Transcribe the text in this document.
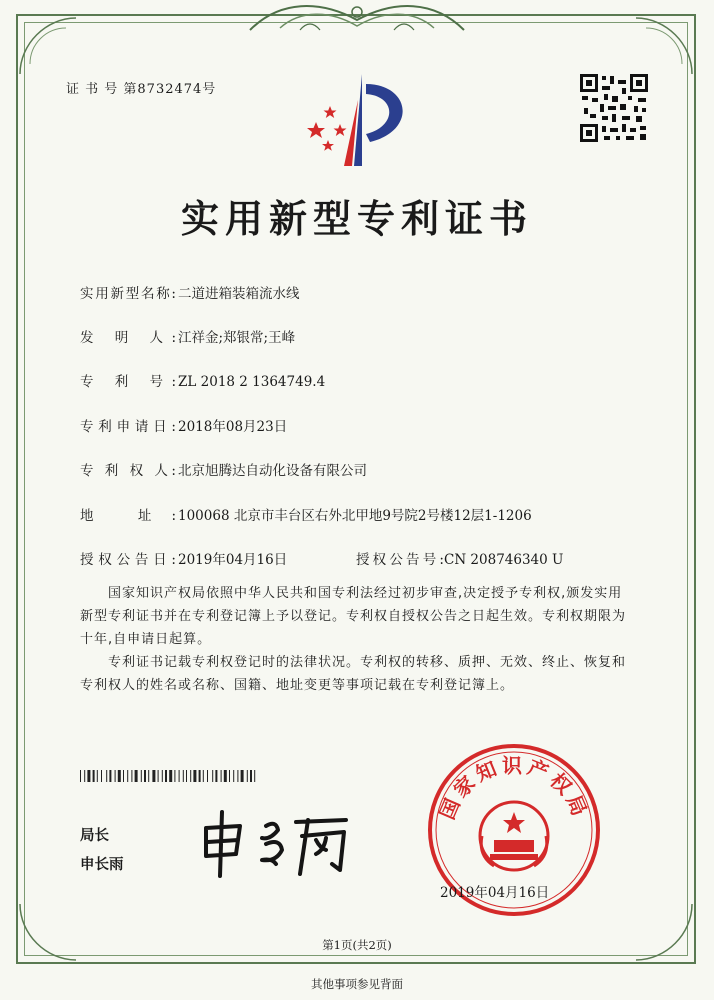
证 书 号 第8732474号
实用新型专利证书
实用新型名称: 二道进箱装箱流水线
发 明 人: 江祥金;郑银常;王峰
专 利 号: ZL 2018 2 1364749.4
专利申请日: 2018年08月23日
专 利 权 人: 北京旭腾达自动化设备有限公司
地 址: 100068 北京市丰台区右外北甲地9号院2号楼12层1-1206
授权公告日: 2019年04月16日	授权公告号:CN 208746340 U
国家知识产权局依照中华人民共和国专利法经过初步审查,决定授予专利权,颁发实用新型专利证书并在专利登记簿上予以登记。专利权自授权公告之日起生效。专利权期限为十年,自申请日起算。
专利证书记载专利权登记时的法律状况。专利权的转移、质押、无效、终止、恢复和专利权人的姓名或名称、国籍、地址变更等事项记载在专利登记簿上。
局长
申长雨
国家知识产权局
2019年04月16日
第1页(共2页)
其他事项参见背面
